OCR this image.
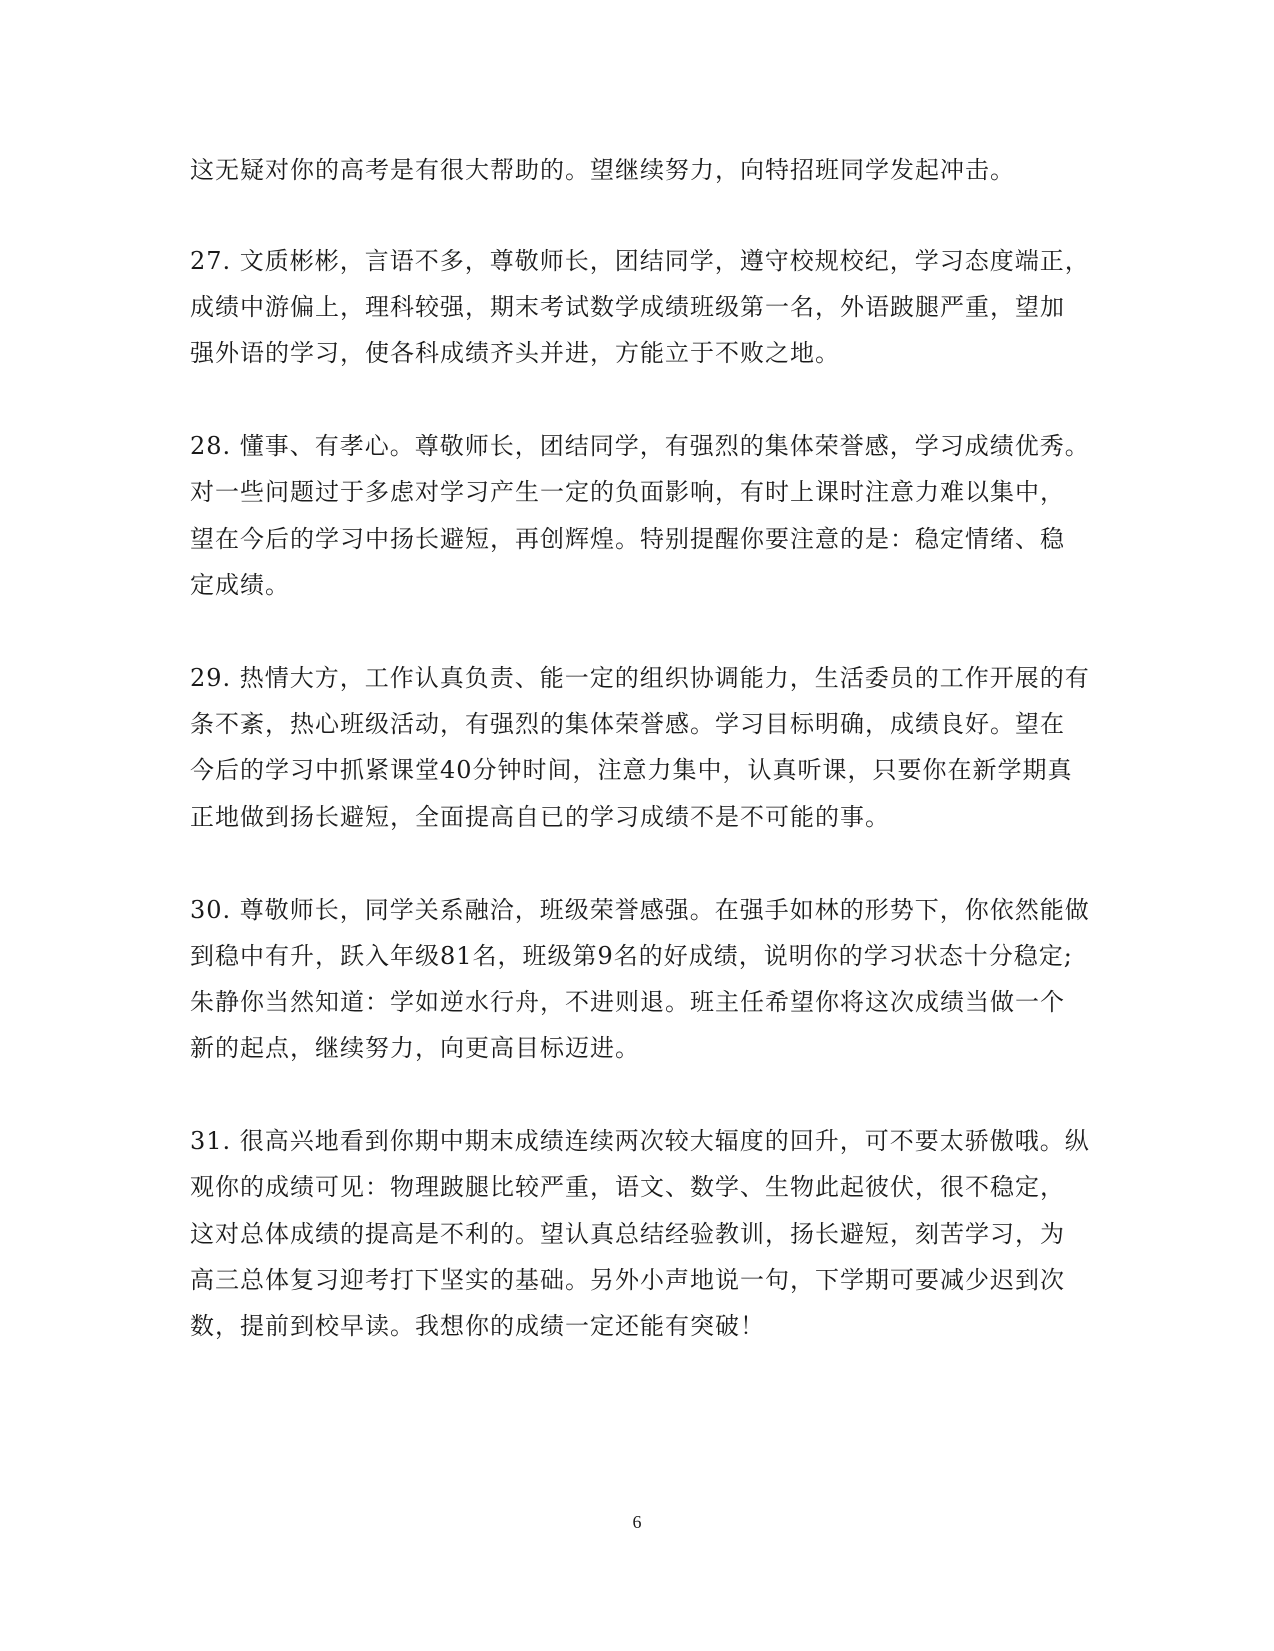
这无疑对你的高考是有很大帮助的。望继续努力，向特招班同学发起冲击。
27. 文质彬彬，言语不多，尊敬师长，团结同学，遵守校规校纪，学习态度端正，
成绩中游偏上，理科较强，期末考试数学成绩班级第一名，外语跛腿严重，望加
强外语的学习，使各科成绩齐头并进，方能立于不败之地。
28. 懂事、有孝心。尊敬师长，团结同学，有强烈的集体荣誉感，学习成绩优秀。
对一些问题过于多虑对学习产生一定的负面影响，有时上课时注意力难以集中，
望在今后的学习中扬长避短，再创辉煌。特别提醒你要注意的是：稳定情绪、稳
定成绩。
29. 热情大方，工作认真负责、能一定的组织协调能力，生活委员的工作开展的有
条不紊，热心班级活动，有强烈的集体荣誉感。学习目标明确，成绩良好。望在
今后的学习中抓紧课堂40分钟时间，注意力集中，认真听课，只要你在新学期真
正地做到扬长避短，全面提高自已的学习成绩不是不可能的事。
30. 尊敬师长，同学关系融洽，班级荣誉感强。在强手如林的形势下，你依然能做
到稳中有升，跃入年级81名，班级第9名的好成绩，说明你的学习状态十分稳定;
朱静你当然知道：学如逆水行舟，不进则退。班主任希望你将这次成绩当做一个
新的起点，继续努力，向更高目标迈进。
31. 很高兴地看到你期中期末成绩连续两次较大辐度的回升，可不要太骄傲哦。纵
观你的成绩可见：物理跛腿比较严重，语文、数学、生物此起彼伏，很不稳定，
这对总体成绩的提高是不利的。望认真总结经验教训，扬长避短，刻苦学习，为
高三总体复习迎考打下坚实的基础。另外小声地说一句，下学期可要减少迟到次
数，提前到校早读。我想你的成绩一定还能有突破！
6
